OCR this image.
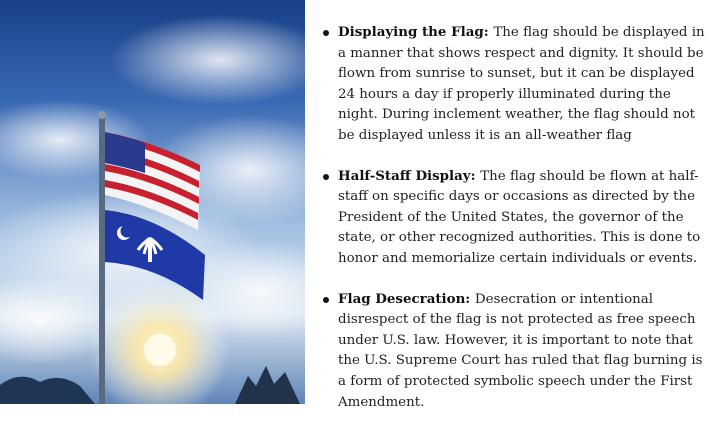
Displaying the Flag: The flag should be displayed in a manner that shows respect and dignity. It should be flown from sunrise to sunset, but it can be displayed 24 hours a day if properly illuminated during the night. During inclement weather, the flag should not be displayed unless it is an all-weather flag
Half-Staff Display: The flag should be flown at half-staff on specific days or occasions as directed by the President of the United States, the governor of the state, or other recognized authorities. This is done to honor and memorialize certain individuals or events.
Flag Desecration: Desecration or intentional disrespect of the flag is not protected as free speech under U.S. law. However, it is important to note that the U.S. Supreme Court has ruled that flag burning is a form of protected symbolic speech under the First Amendment.
